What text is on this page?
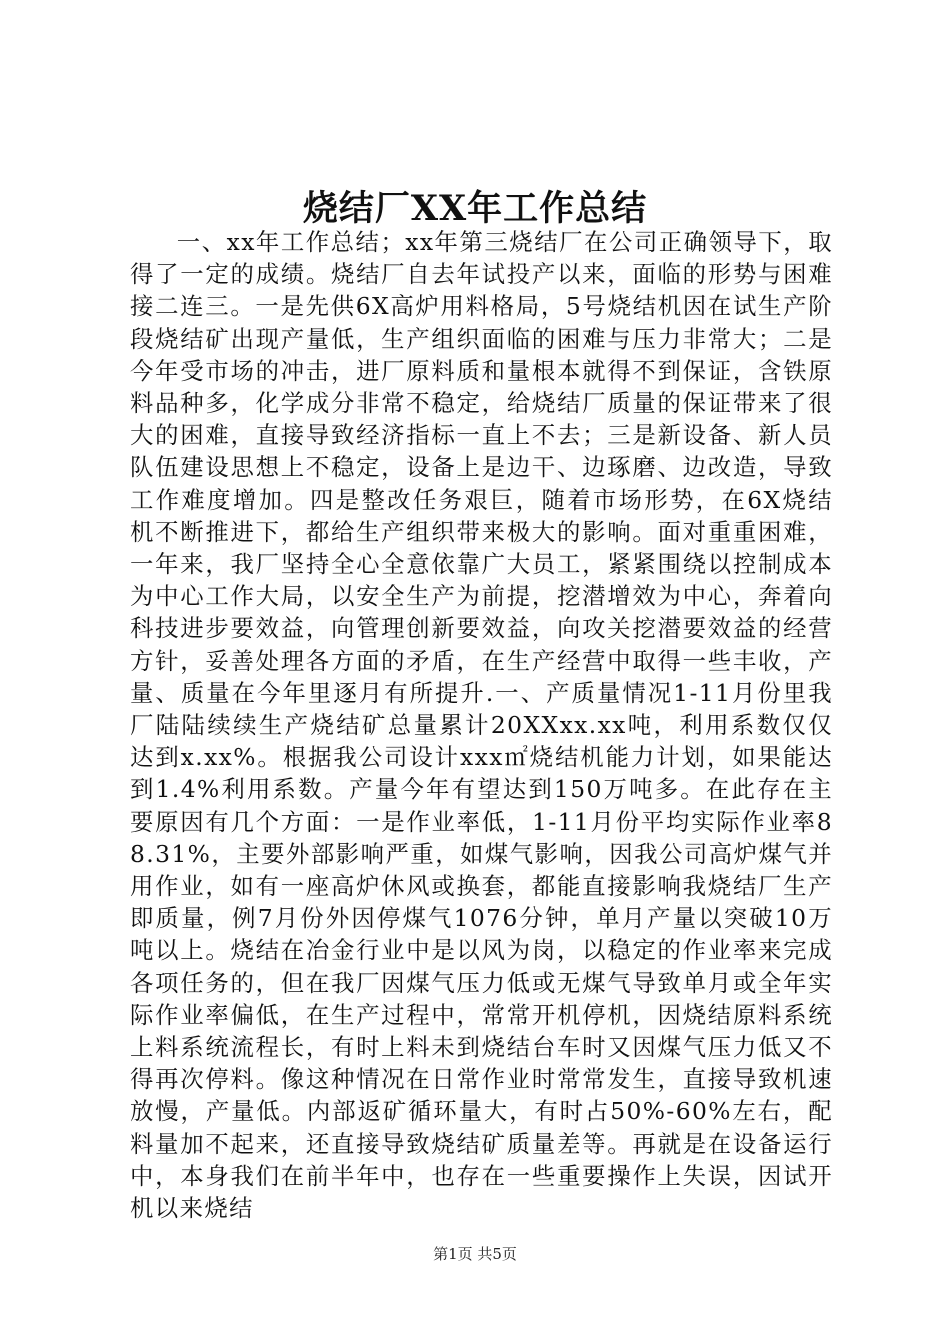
烧结厂XX年工作总结

一、xx年工作总结；xx年第三烧结厂在公司正确领导下，取得了一定的成绩。烧结厂自去年试投产以来，面临的形势与困难接二连三。一是先供6X高炉用料格局，5号烧结机因在试生产阶段烧结矿出现产量低，生产组织面临的困难与压力非常大；二是今年受市场的冲击，进厂原料质和量根本就得不到保证，含铁原料品种多，化学成分非常不稳定，给烧结厂质量的保证带来了很大的困难，直接导致经济指标一直上不去；三是新设备、新人员队伍建设思想上不稳定，设备上是边干、边琢磨、边改造，导致工作难度增加。四是整改任务艰巨，随着市场形势，在6X烧结机不断推进下，都给生产组织带来极大的影响。面对重重困难，一年来，我厂坚持全心全意依靠广大员工，紧紧围绕以控制成本为中心工作大局，以安全生产为前提，挖潜增效为中心，奔着向科技进步要效益，向管理创新要效益，向攻关挖潜要效益的经营方针，妥善处理各方面的矛盾，在生产经营中取得一些丰收，产量、质量在今年里逐月有所提升.一、产质量情况1-11月份里我厂陆陆续续生产烧结矿总量累计20XXxx.xx吨，利用系数仅仅达到x.xx%。根据我公司设计xxx㎡烧结机能力计划，如果能达到1.4%利用系数。产量今年有望达到150万吨多。在此存在主要原因有几个方面：一是作业率低，1-11月份平均实际作业率88.31%，主要外部影响严重，如煤气影响，因我公司高炉煤气并用作业，如有一座高炉休风或换套，都能直接影响我烧结厂生产即质量，例7月份外因停煤气1076分钟，单月产量以突破10万吨以上。烧结在冶金行业中是以风为岗，以稳定的作业率来完成各项任务的，但在我厂因煤气压力低或无煤气导致单月或全年实际作业率偏低，在生产过程中，常常开机停机，因烧结原料系统上料系统流程长，有时上料未到烧结台车时又因煤气压力低又不得再次停料。像这种情况在日常作业时常常发生，直接导致机速放慢，产量低。内部返矿循环量大，有时占50%-60%左右，配料量加不起来，还直接导致烧结矿质量差等。再就是在设备运行中，本身我们在前半年中，也存在一些重要操作上失误，因试开机以来烧结

第1页 共5页
